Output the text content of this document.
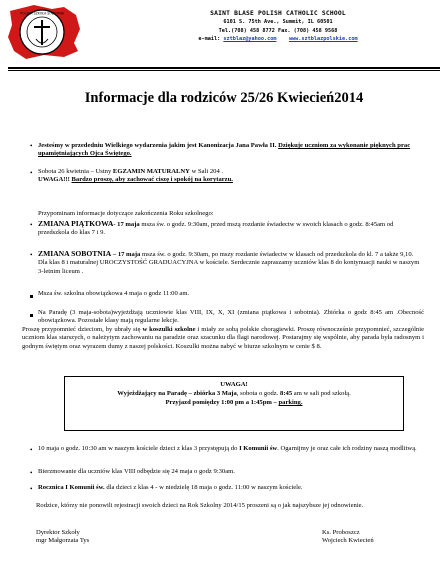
POLSKA SZKOŁA SOBOTNIA	SAINT BLASE POLISH CATHOLIC SCHOOL
6101 S. 75th Ave., Summit, IL 60501
Tel.(708) 458 8772 Fax. (708) 458 9568
e-mail: sztblaz@yahoo.com www.sztblazpolskie.com
Informacje dla rodziców 25/26 Kwiecień2014
• Jesteśmy w przededniu Wielkiego wydarzenia jakim jest Kanonizacja Jana Pawła II. Dziękuje uczniom za wykonanie pięknych prac upamiętniających Ojca Świętego.
• Sobota 26 kwietnia – Ustny EGZAMIN MATURALNY w Sali 204 .
UWAGA!!! Bardzo proszę, aby zachować ciszę i spokój na korytarzu.
Przypominam informacje dotyczące zakończenia Roku szkolnego:
• ZMIANA PIĄTKOWA- 17 maja msza św. o godz. 9:30am, przed mszą rozdanie świadectw w swoich klasach o godz. 8:45am od przedszkola do klas 7 i 9.
• ZMIANA SOBOTNIA – 17 maja msza św. o godz. 9:30am, po mszy rozdanie świadectw w klasach od przedszkola do kl. 7 a także 9,10. Dla klas 8 i maturalnej UROCZYSTOŚĆ GRADUACYJNA w kościele. Serdecznie zapraszamy uczniów klas 8 do kontynuacji nauki w naszym 3-letnim liceum .
Msza św. szkolna obowiązkowa 4 maja o godz 11:00 am.
Na Paradę (3 maja-sobota)wyjeżdżają uczniowie klas VIII, IX, X, XI (zmiana piątkowa i sobotnia). Zbiórka o godz 8:45 am .Obecność obowiązkowa. Pozostałe klasy mają regularne lekcje.
Proszę przypomnieć dzieciom, by ubrały się w koszulki szkolne i miały ze sobą polskie chorągiewki. Proszę równocześnie przypomnieć, szczególnie uczniom klas starszych, o należytym zachowaniu na paradzie oraz szacunku dla flagi narodowej. Postarajmy się wspólnie, aby parada była radosnym i godnym świętym oraz wyrazem dumy z naszej polskości. Koszulki można nabyć w biurze szkolnym w cenie $ 8.
UWAGA!
Wyjeżdżający na Paradę – zbiórka 3 Maja, sobota o godz. 8:45 am w sali pod szkołą.
Przyjazd pomiędzy 1:00 pm a 1:45pm – parking.
• 10 maja o godz. 10:30 am w naszym kościele dzieci z klas 3 przystępują do I Komunii św. Ogarnijmy je oraz całe ich rodziny naszą modlitwą.
• Bierzmowanie dla uczniów klas VIII odbędzie się 24 maja o godz 9:30am.
• Rocznica I Komunii św. dla dzieci z klas 4 - w niedzielę 18 maja o godz. 11:00 w naszym kościele.
Rodzice, którzy nie ponowili rejestracji swoich dzieci na Rok Szkolny 2014/15 proszeni są o jak najszybsze jej odnowienie.
Dyrektor Szkoły
mgr Małgorzata Tys
Ks. Proboszcz
Wojciech Kwiecień
